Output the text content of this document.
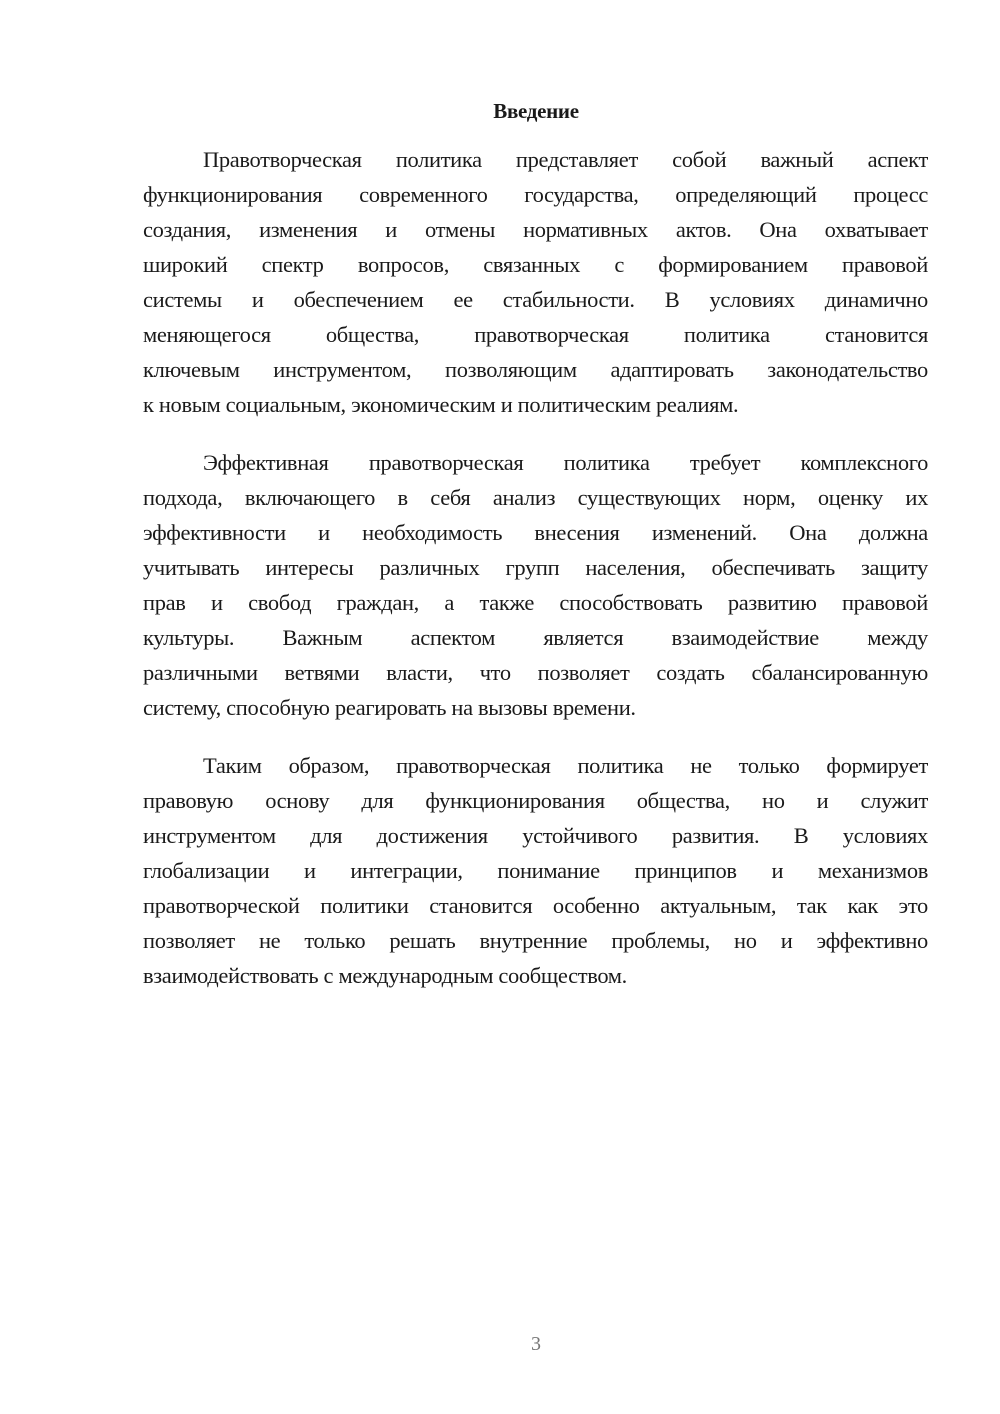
Введение
Правотворческая политика представляет собой важный аспект
функционирования современного государства, определяющий процесс
создания, изменения и отмены нормативных актов. Она охватывает
широкий спектр вопросов, связанных с формированием правовой
системы и обеспечением ее стабильности. В условиях динамично
меняющегося общества, правотворческая политика становится
ключевым инструментом, позволяющим адаптировать законодательство
к новым социальным, экономическим и политическим реалиям.
Эффективная правотворческая политика требует комплексного
подхода, включающего в себя анализ существующих норм, оценку их
эффективности и необходимость внесения изменений. Она должна
учитывать интересы различных групп населения, обеспечивать защиту
прав и свобод граждан, а также способствовать развитию правовой
культуры. Важным аспектом является взаимодействие между
различными ветвями власти, что позволяет создать сбалансированную
систему, способную реагировать на вызовы времени.
Таким образом, правотворческая политика не только формирует
правовую основу для функционирования общества, но и служит
инструментом для достижения устойчивого развития. В условиях
глобализации и интеграции, понимание принципов и механизмов
правотворческой политики становится особенно актуальным, так как это
позволяет не только решать внутренние проблемы, но и эффективно
взаимодействовать с международным сообществом.
3
